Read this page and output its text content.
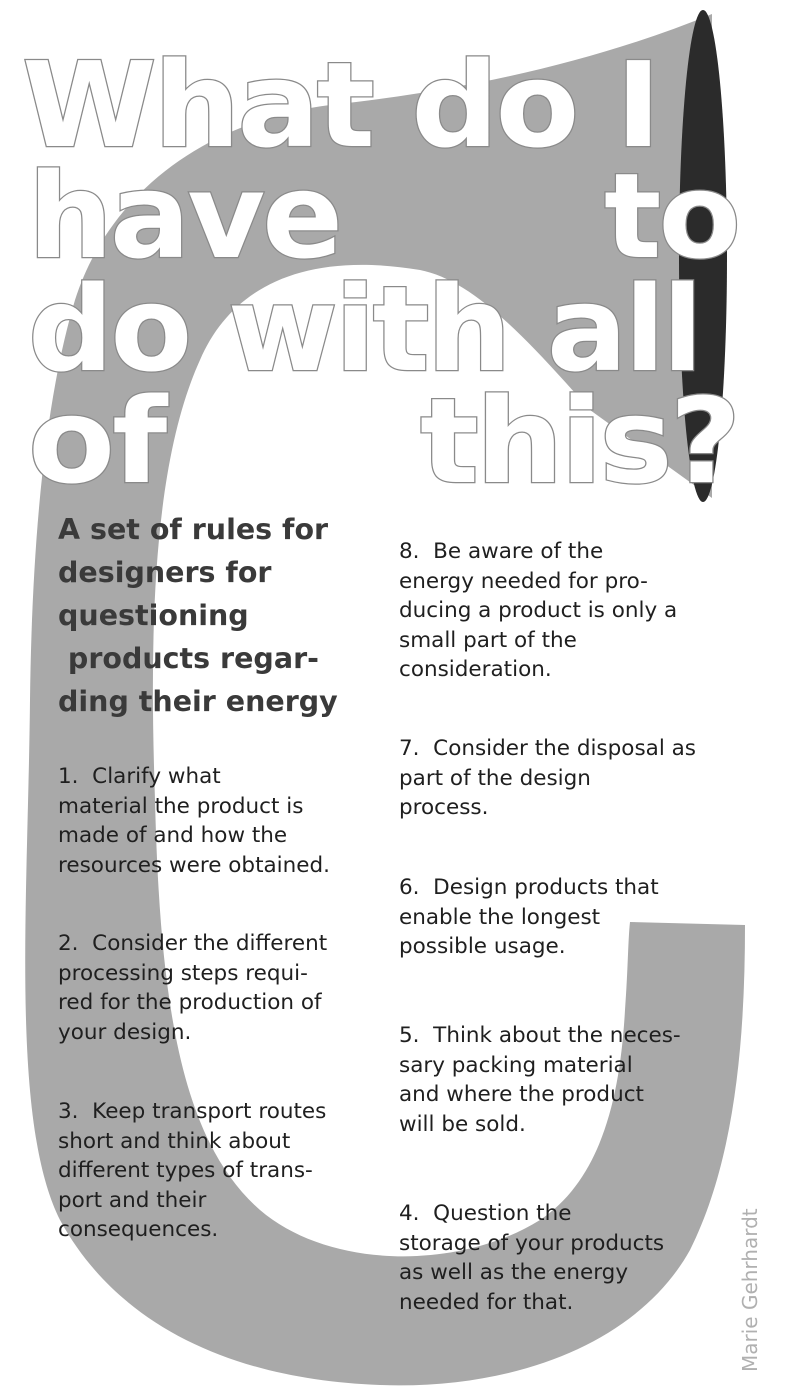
What do I
have to
do with all
of this?

A set of rules for
designers for
questioning
products regar-
ding their energy

1.  Clarify what
material the product is
made of and how the
resources were obtained.

2.  Consider the different
processing steps requi-
red for the production of
your design.

3.  Keep transport routes
short and think about
different types of trans-
port and their
consequences.

8.  Be aware of the
energy needed for pro-
ducing a product is only a
small part of the
consideration.

7.  Consider the disposal as
part of the design
process.

6.  Design products that
enable the longest
possible usage.

5.  Think about the neces-
sary packing material
and where the product
will be sold.

4.  Question the
storage of your products
as well as the energy
needed for that.	Marie Gehrhardt
